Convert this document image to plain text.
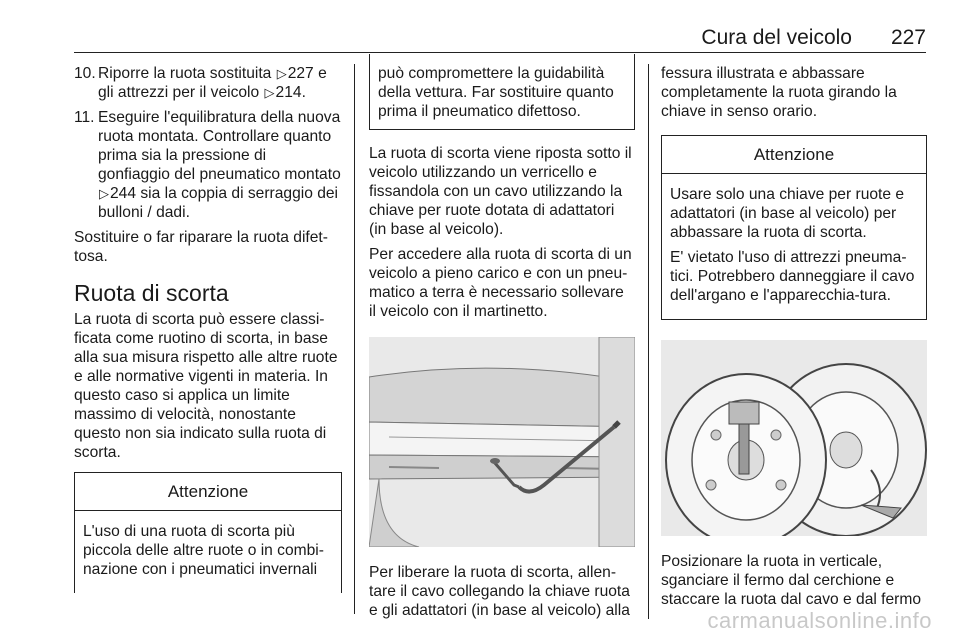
Cura del veicolo 227
10. Riporre la ruota sostituita ▷227 e gli attrezzi per il veicolo ▷214.
11. Eseguire l'equilibratura della nuova ruota montata. Controllare quanto prima sia la pressione di gonfiaggio del pneumatico montato ▷244 sia la coppia di serraggio dei bulloni / dadi.

Sostituire o far riparare la ruota difet-tosa.

Ruota di scorta

La ruota di scorta può essere classi-ficata come ruotino di scorta, in base alla sua misura rispetto alle altre ruote e alle normative vigenti in materia. In questo caso si applica un limite massimo di velocità, nonostante questo non sia indicato sulla ruota di scorta.

Attenzione

L'uso di una ruota di scorta più piccola delle altre ruote o in combi-nazione con i pneumatici invernali

può compromettere la guidabilità della vettura. Far sostituire quanto prima il pneumatico difettoso.

La ruota di scorta viene riposta sotto il veicolo utilizzando un verricello e fissandola con un cavo utilizzando la chiave per ruote dotata di adattatori (in base al veicolo).

Per accedere alla ruota di scorta di un veicolo a pieno carico e con un pneu-matico a terra è necessario sollevare il veicolo con il martinetto.

Per liberare la ruota di scorta, allen-tare il cavo collegando la chiave ruota e gli adattatori (in base al veicolo) alla

fessura illustrata e abbassare completamente la ruota girando la chiave in senso orario.

Attenzione

Usare solo una chiave per ruote e adattatori (in base al veicolo) per abbassare la ruota di scorta.

E' vietato l'uso di attrezzi pneuma-tici. Potrebbero danneggiare il cavo dell'argano e l'apparecchia-tura.

Posizionare la ruota in verticale, sganciare il fermo dal cerchione e staccare la ruota dal cavo e dal fermo

carmanualsonline.info
